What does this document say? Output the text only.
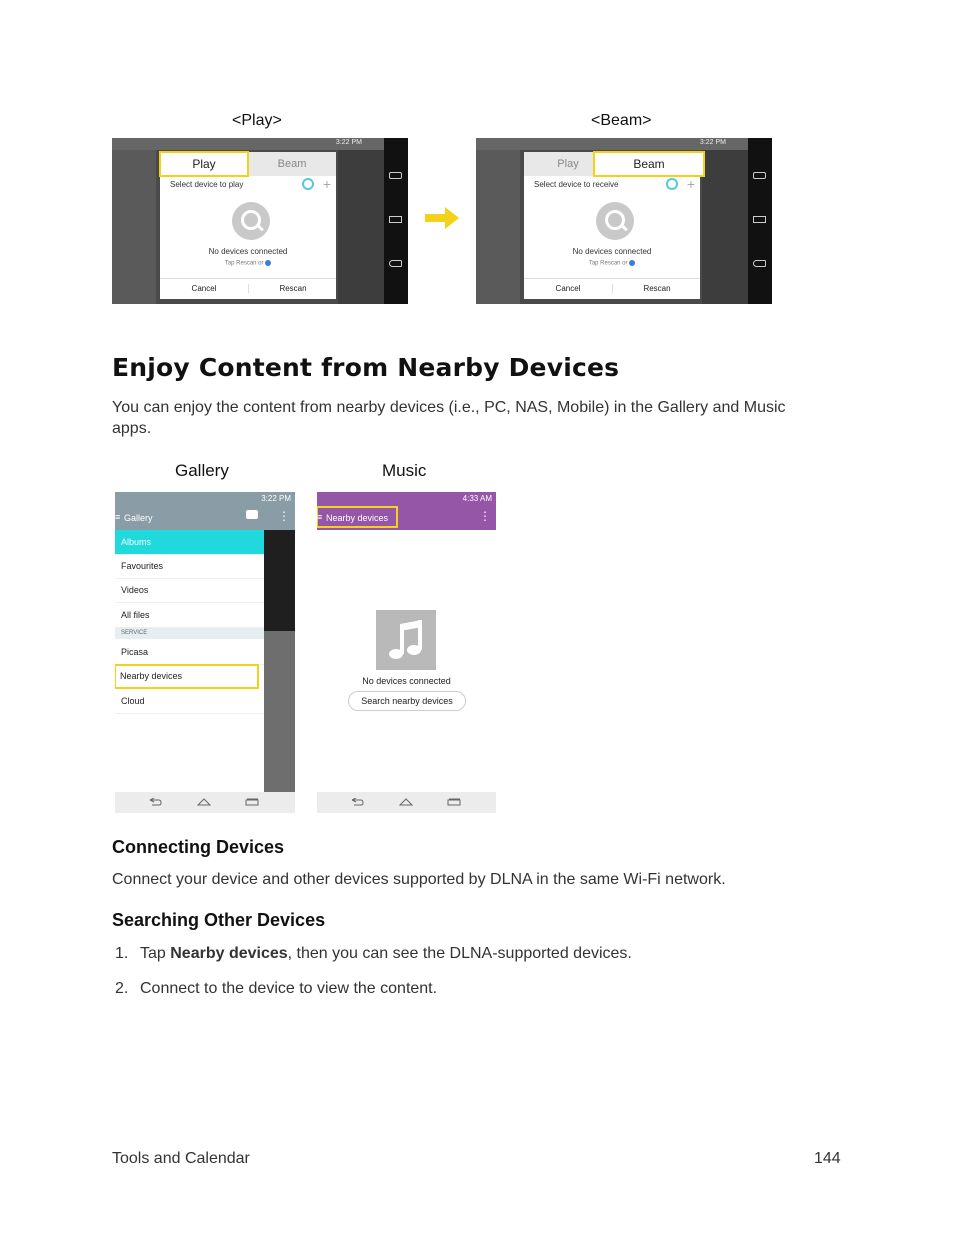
<Play>	<Beam>
3:22 PM
Play	Beam
Select device to play	+
No devices connected
Tap Rescan or
Cancel	Rescan
3:22 PM
Play	Beam
Select device to receive	+
No devices connected
Tap Rescan or
Cancel	Rescan
Enjoy Content from Nearby Devices
You can enjoy the content from nearby devices (i.e., PC, NAS, Mobile) in the Gallery and Music apps.
Gallery	Music
3:22 PM
≡ Gallery	⋮
Albums
Favourites
Videos
All files
SERVICE
Picasa
Nearby devices
Cloud
4:33 AM
≡ Nearby devices	⋮
No devices connected
Search nearby devices
Connecting Devices
Connect your device and other devices supported by DLNA in the same Wi-Fi network.
Searching Other Devices
1. Tap Nearby devices, then you can see the DLNA-supported devices.
2. Connect to the device to view the content.
Tools and Calendar	144
